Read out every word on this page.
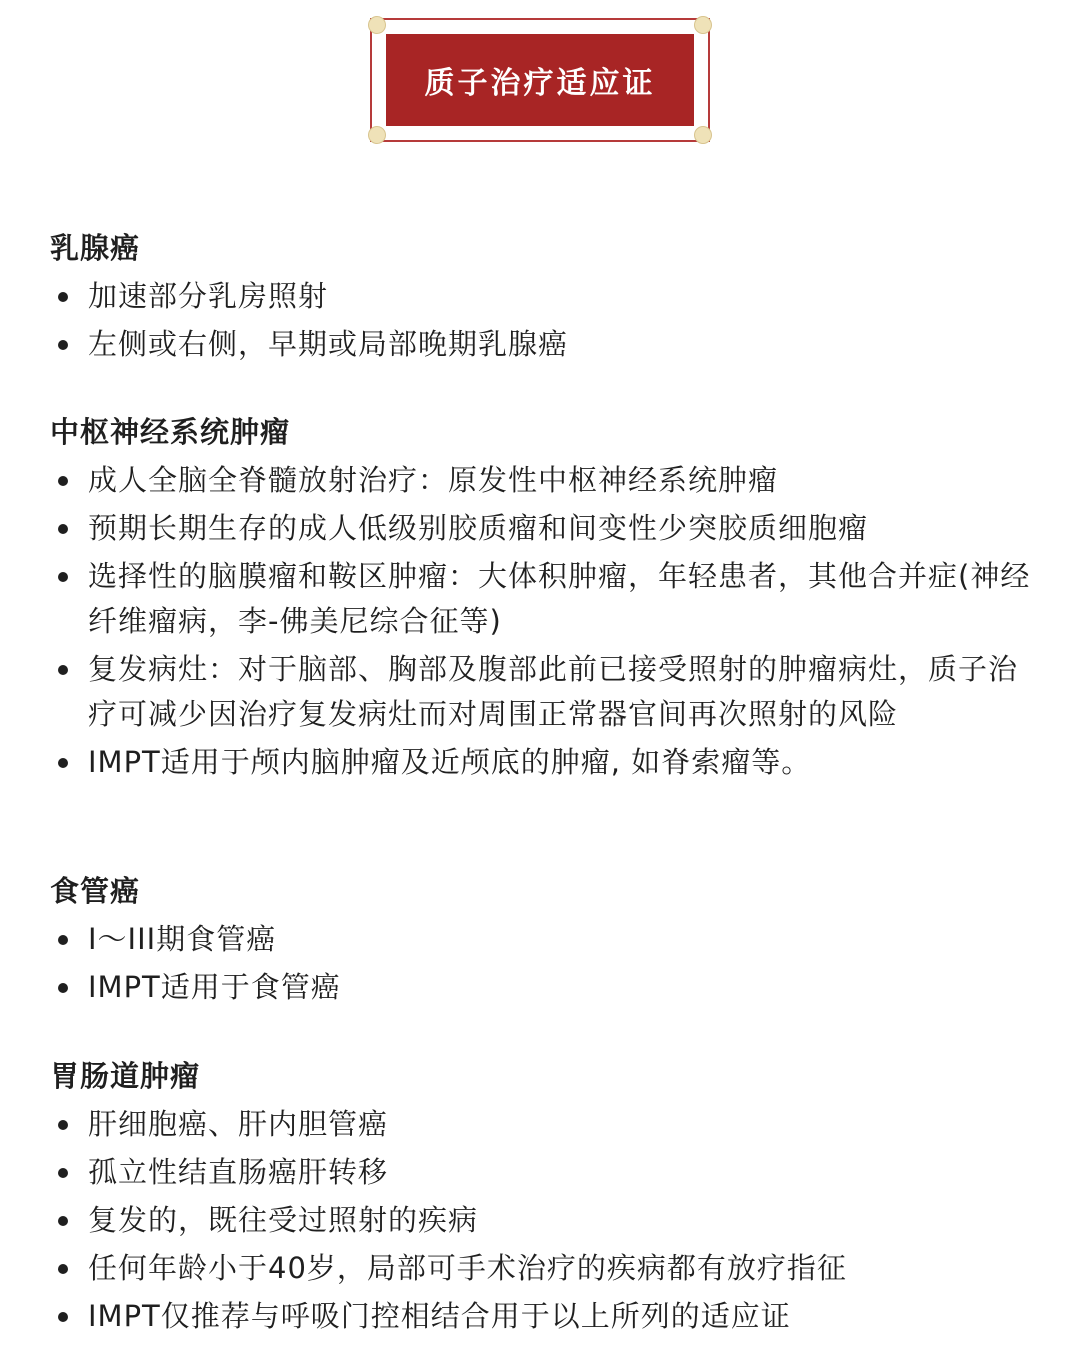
质子治疗适应证
乳腺癌
加速部分乳房照射
左侧或右侧，早期或局部晚期乳腺癌
中枢神经系统肿瘤
成人全脑全脊髓放射治疗：原发性中枢神经系统肿瘤
预期长期生存的成人低级别胶质瘤和间变性少突胶质细胞瘤
选择性的脑膜瘤和鞍区肿瘤：大体积肿瘤，年轻患者，其他合并症(神经纤维瘤病，李-佛美尼综合征等)
复发病灶：对于脑部、胸部及腹部此前已接受照射的肿瘤病灶，质子治疗可减少因治疗复发病灶而对周围正常器官间再次照射的风险
IMPT适用于颅内脑肿瘤及近颅底的肿瘤, 如脊索瘤等。
食管癌
I～III期食管癌
IMPT适用于食管癌
胃肠道肿瘤
肝细胞癌、肝内胆管癌
孤立性结直肠癌肝转移
复发的，既往受过照射的疾病
任何年龄小于40岁，局部可手术治疗的疾病都有放疗指征
IMPT仅推荐与呼吸门控相结合用于以上所列的适应证
